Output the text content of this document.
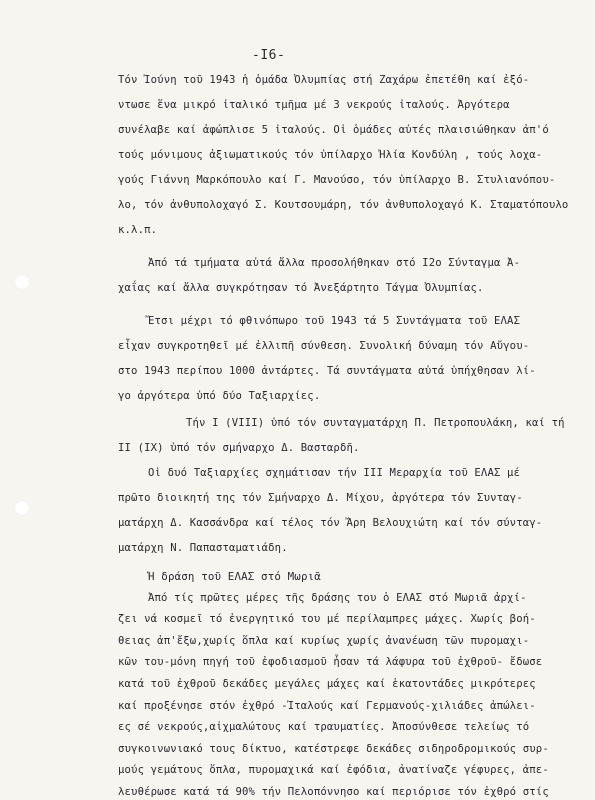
-I6-
Τόν Ἰούνη τοῦ 1943 ἡ ὁμάδα Ὀλυμπίας στή Ζαχάρω ἐπετέθη καί ἐξό-
ντωσε ἕνα μικρό ἰταλικό τμῆμα μέ 3 νεκρούς ἰταλούς. Ἀργότερα
συνέλαβε καί ἀφώπλισε 5 ἰταλούς. Οἱ ὁμάδες αὐτές πλαισιώθηκαν ἀπ'ό
τούς μόνιμους ἀξιωματικούς τόν ὑπίλαρχο Ἠλία Κονδύλη , τούς λοχα-
γούς Γιάννη Μαρκόπουλο καί Γ. Μανούσο, τόν ὑπίλαρχο Β. Στυλιανόπου-
λο, τόν ἀνθυπολοχαγό Σ. Κουτσουμάρη, τόν ἀνθυπολοχαγό Κ. Σταματόπουλο
κ.λ.π.
Ἀπό τά τμήματα αὐτά ἄλλα προσολήθηκαν στό Ι2ο Σύνταγμα Ἀ-
χαΐας καί ἄλλα συγκρότησαν τό Ἀνεξάρτητο Τάγμα Ὀλυμπίας.
Ἔτσι μέχρι τό φθινόπωρο τοῦ 1943 τά 5 Συντάγματα τοῦ ΕΛΑΣ
εἶχαν συγκροτηθεῖ μέ ἐλλιπῆ σύνθεση. Συνολική δύναμη τόν Αὔγου-
στο 1943 περίπου 1000 ἀντάρτες. Τά συντάγματα αὐτά ὑπήχθησαν λί-
γο ἀργότερα ὑπό δύο Ταξιαρχίες.
Τήν Ι (VIII) ὑπό τόν συνταγματάρχη Π. Πετροπουλάκη, καί τή
ΙΙ (ΙΧ) ὑπό τόν σμήναρχο Δ. Βασταρδῆ.
Οἱ δυό Ταξιαρχίες σχημάτισαν τήν ΙΙΙ Μεραρχία τοῦ ΕΛΑΣ μέ
πρῶτο διοικητή της τόν Σμήναρχο Δ. Μίχου, ἀργότερα τόν Συνταγ-
ματάρχη Δ. Κασσάνδρα καί τέλος τόν Ἄρη Βελουχιώτη καί τόν σύνταγ-
ματάρχη Ν. Παπασταματιάδη.
Ἡ δράση τοῦ ΕΛΑΣ στό Μωριᾶ
Ἀπό τίς πρῶτες μέρες τῆς δράσης του ὁ ΕΛΑΣ στό Μωριᾶ ἀρχί-
ζει νά κοσμεῖ τό ἐνεργητικό του μέ περίλαμπρες μάχες. Χωρίς βοή-
θειας ἀπ'ἔξω,χωρίς ὅπλα καί κυρίως χωρίς ἀνανέωση τῶν πυρομαχι-
κῶν του-μόνη πηγή τοῦ ἐφοδιασμοῦ ἦσαν τά λάφυρα τοῦ ἐχθροῦ- ἔδωσε
κατά τοῦ ἐχθροῦ δεκάδες μεγάλες μάχες καί ἑκατοντάδες μικρότερες
καί προξένησε στόν ἐχθρό -Ἰταλούς καί Γερμανούς-χιλιάδες ἀπώλει-
ες σέ νεκρούς,αἰχμαλώτους καί τραυματίες. Ἀποσύνθεσε τελείως τό
συγκοινωνιακό τους δίκτυο, κατέστρεφε δεκάδες σιδηροδρομικούς συρ-
μούς γεμάτους ὅπλα, πυρομαχικά καί ἐφόδια, ἀνατίναζε γέφυρες, ἀπε-
λευθέρωσε κατά τά 90% τήν Πελοπόννησο καί περιόρισε τόν ἐχθρό στίς
